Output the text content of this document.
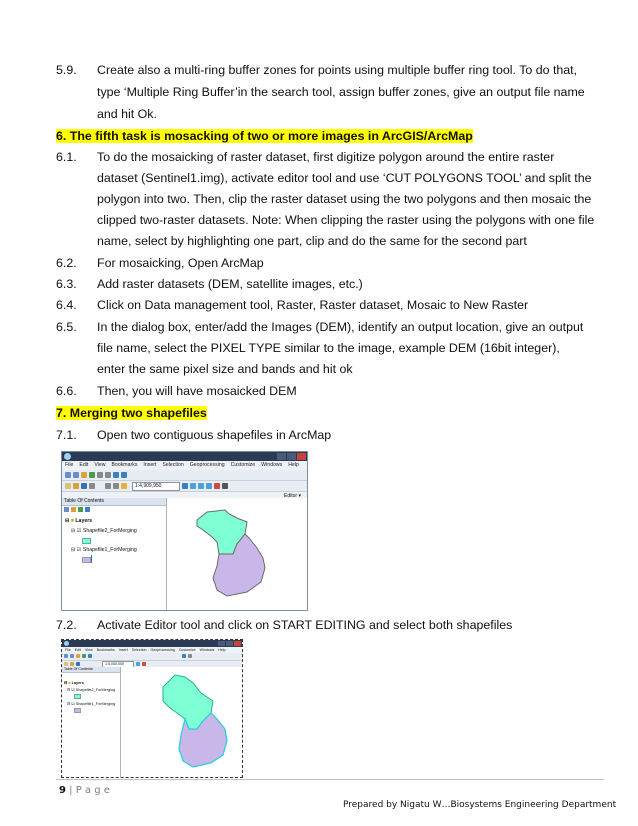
5.9. Create also a multi-ring buffer zones for points using multiple buffer ring tool. To do that,
type ‘Multiple Ring Buffer’in the search tool, assign buffer zones, give an output file name
and hit Ok.
6. The fifth task is mosacking of two or more images in ArcGIS/ArcMap
6.1. To do the mosaicking of raster dataset, first digitize polygon around the entire raster
dataset (Sentinel1.img), activate editor tool and use ‘CUT POLYGONS TOOL’ and split the
polygon into two. Then, clip the raster dataset using the two polygons and then mosaic the
clipped two-raster datasets. Note: When clipping the raster using the polygons with one file
name, select by highlighting one part, clip and do the same for the second part
6.2. For mosaicking, Open ArcMap
6.3. Add raster datasets (DEM, satellite images, etc.)
6.4. Click on Data management tool, Raster, Raster dataset, Mosaic to New Raster
6.5. In the dialog box, enter/add the Images (DEM), identify an output location, give an output
file name, select the PIXEL TYPE similar to the image, example DEM (16bit integer),
enter the same pixel size and bands and hit ok
6.6. Then, you will have mosaicked DEM
7. Merging two shapefiles
7.1. Open two contiguous shapefiles in ArcMap
7.2. Activate Editor tool and click on START EDITING and select both shapefiles
File Edit View Bookmarks Insert Selection Geoprocessing Customize Windows Help
1:4,909,950
Editor ▾
Table Of Contents
⊟ ■ Layers
⊟ ☑ Shapefile2_ForMerging
⊟ ☑ Shapefile1_ForMerging
File Edit View Bookmarks Insert Selection Geoprocessing Customize Windows Help
1:5,000,000
Table Of Contents
⊟ ■ Layers
⊟ ☑ Shapefile2_ForMerging
⊟ ☑ Shapefile1_ForMerging
9 | P a g e
Prepared by Nigatu W…Biosystems Engineering Department
